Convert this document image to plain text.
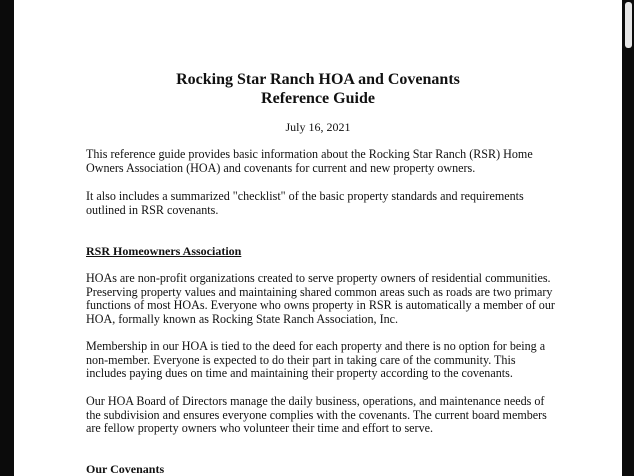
Rocking Star Ranch HOA and Covenants
Reference Guide
July 16, 2021

This reference guide provides basic information about the Rocking Star Ranch (RSR) Home Owners Association (HOA) and covenants for current and new property owners.

It also includes a summarized "checklist" of the basic property standards and requirements outlined in RSR covenants.

RSR Homeowners Association

HOAs are non-profit organizations created to serve property owners of residential communities. Preserving property values and maintaining shared common areas such as roads are two primary functions of most HOAs. Everyone who owns property in RSR is automatically a member of our HOA, formally known as Rocking State Ranch Association, Inc.

Membership in our HOA is tied to the deed for each property and there is no option for being a non-member. Everyone is expected to do their part in taking care of the community. This includes paying dues on time and maintaining their property according to the covenants.

Our HOA Board of Directors manage the daily business, operations, and maintenance needs of the subdivision and ensures everyone complies with the covenants. The current board members are fellow property owners who volunteer their time and effort to serve.

Our Covenants
